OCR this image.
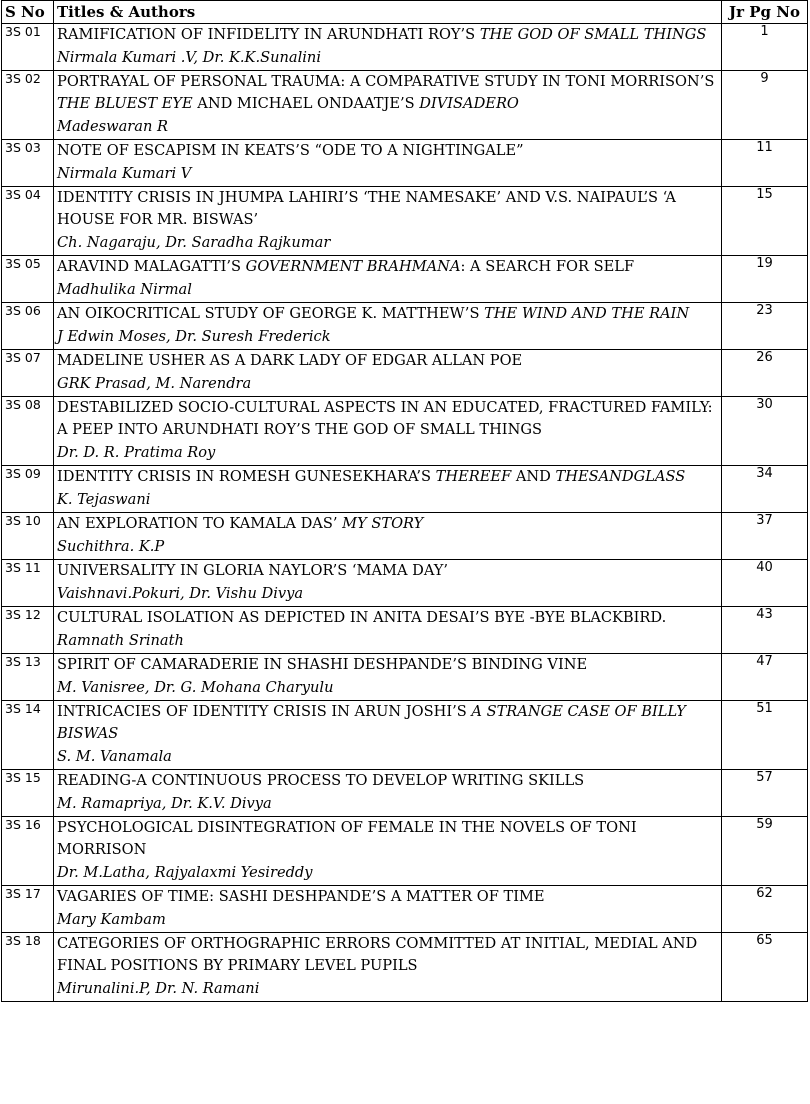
S No	Titles & Authors	Jr Pg No
3S 01	RAMIFICATION OF INFIDELITY IN ARUNDHATI ROY’S THE GOD OF SMALL THINGS
Nirmala Kumari .V, Dr. K.K.Sunalini	1
3S 02	PORTRAYAL OF PERSONAL TRAUMA: A COMPARATIVE STUDY IN TONI MORRISON’S THE BLUEST EYE AND MICHAEL ONDAATJE’S DIVISADERO
Madeswaran R	9
3S 03	NOTE OF ESCAPISM IN KEATS’S “ODE TO A NIGHTINGALE”
Nirmala Kumari V	11
3S 04	IDENTITY CRISIS IN JHUMPA LAHIRI’S ‘THE NAMESAKE’ AND V.S. NAIPAUL’S ‘A HOUSE FOR MR. BISWAS’
Ch. Nagaraju, Dr. Saradha Rajkumar	15
3S 05	ARAVIND MALAGATTI’S GOVERNMENT BRAHMANA: A SEARCH FOR SELF
Madhulika Nirmal	19
3S 06	AN OIKOCRITICAL STUDY OF GEORGE K. MATTHEW’S THE WIND AND THE RAIN
J Edwin Moses, Dr. Suresh Frederick	23
3S 07	MADELINE USHER AS A DARK LADY OF EDGAR ALLAN POE
GRK Prasad, M. Narendra	26
3S 08	DESTABILIZED SOCIO-CULTURAL ASPECTS IN AN EDUCATED, FRACTURED FAMILY: A PEEP INTO ARUNDHATI ROY’S THE GOD OF SMALL THINGS
Dr. D. R. Pratima Roy	30
3S 09	IDENTITY CRISIS IN ROMESH GUNESEKHARA’S THEREEF AND THESANDGLASS
K. Tejaswani	34
3S 10	AN EXPLORATION TO KAMALA DAS’ MY STORY
Suchithra. K.P	37
3S 11	UNIVERSALITY IN GLORIA NAYLOR’S ‘MAMA DAY’
Vaishnavi.Pokuri, Dr. Vishu Divya	40
3S 12	CULTURAL ISOLATION AS DEPICTED IN ANITA DESAI’S BYE -BYE BLACKBIRD.
Ramnath Srinath	43
3S 13	SPIRIT OF CAMARADERIE IN SHASHI DESHPANDE’S BINDING VINE
M. Vanisree, Dr. G. Mohana Charyulu	47
3S 14	INTRICACIES OF IDENTITY CRISIS IN ARUN JOSHI’S A STRANGE CASE OF BILLY BISWAS
S. M. Vanamala	51
3S 15	READING-A CONTINUOUS PROCESS TO DEVELOP WRITING SKILLS
M. Ramapriya, Dr. K.V. Divya	57
3S 16	PSYCHOLOGICAL DISINTEGRATION OF FEMALE IN THE NOVELS OF TONI MORRISON
Dr. M.Latha, Rajyalaxmi Yesireddy	59
3S 17	VAGARIES OF TIME: SASHI DESHPANDE’S A MATTER OF TIME
Mary Kambam	62
3S 18	CATEGORIES OF ORTHOGRAPHIC ERRORS COMMITTED AT INITIAL, MEDIAL AND FINAL POSITIONS BY PRIMARY LEVEL PUPILS
Mirunalini.P, Dr. N. Ramani	65
